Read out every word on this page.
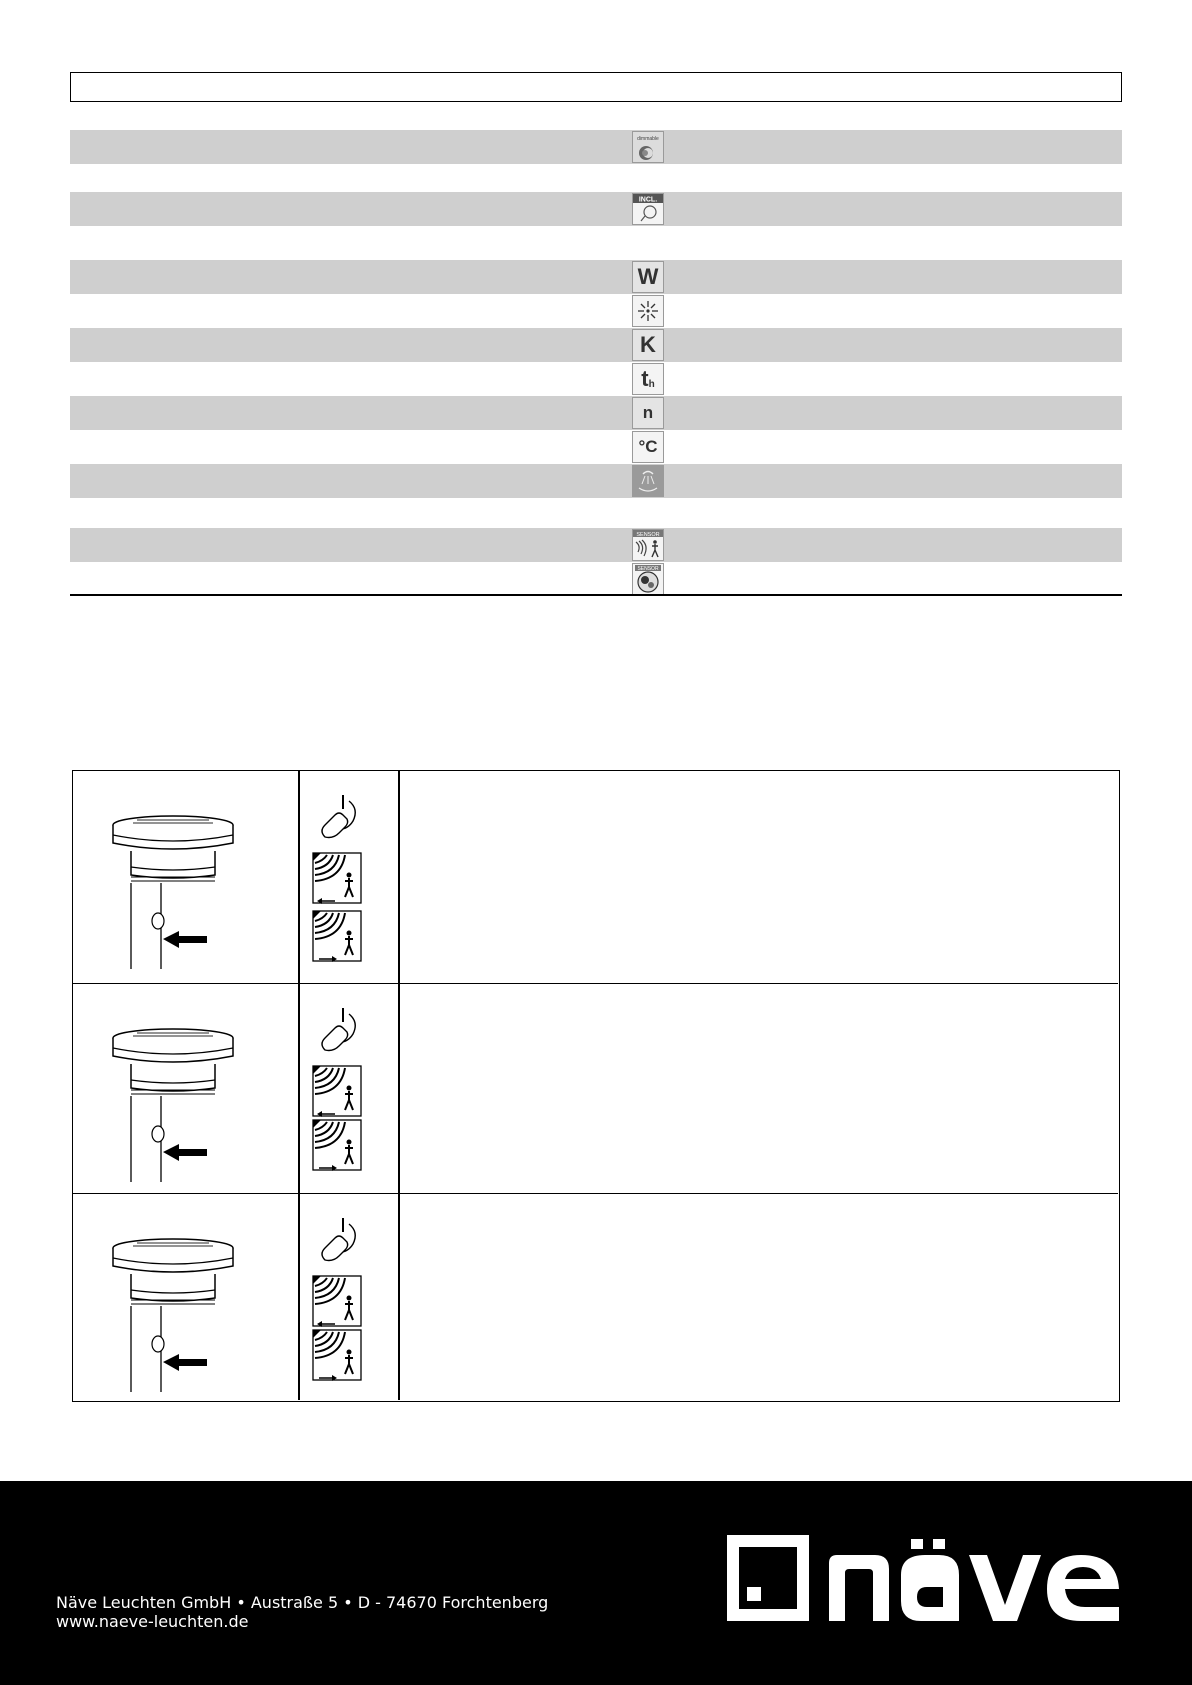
dimmable
INCL.
W
K
t h
n
°C
SENSOR
SENSOR
Näve Leuchten GmbH • Austraße 5 • D - 74670 Forchtenberg
www.naeve-leuchten.de
